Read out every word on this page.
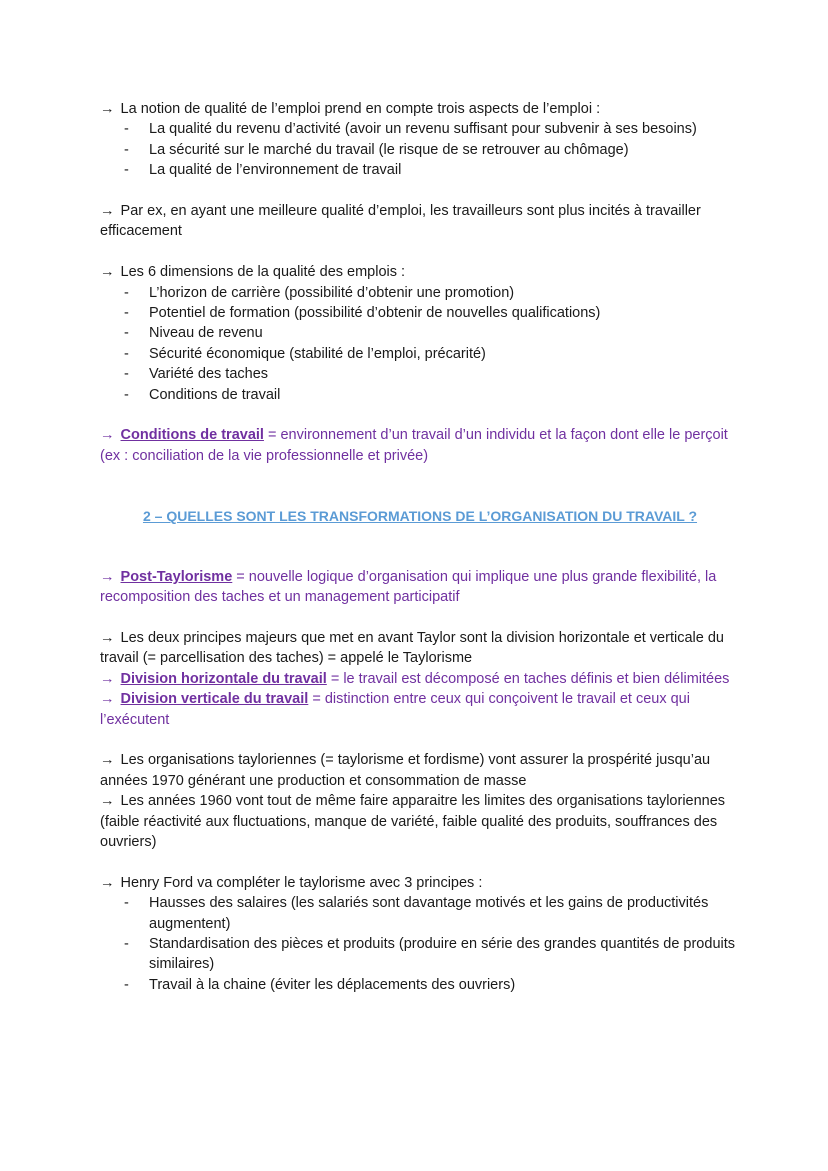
→ La notion de qualité de l’emploi prend en compte trois aspects de l’emploi :

- La qualité du revenu d’activité (avoir un revenu suffisant pour subvenir à ses besoins)
- La sécurité sur le marché du travail (le risque de se retrouver au chômage)
- La qualité de l’environnement de travail

→ Par ex, en ayant une meilleure qualité d’emploi, les travailleurs sont plus incités à travailler efficacement

→ Les 6 dimensions de la qualité des emplois :

- L’horizon de carrière (possibilité d’obtenir une promotion)
- Potentiel de formation (possibilité d’obtenir de nouvelles qualifications)
- Niveau de revenu
- Sécurité économique (stabilité de l’emploi, précarité)
- Variété des taches
- Conditions de travail

→ Conditions de travail = environnement d’un travail d’un individu et la façon dont elle le perçoit (ex : conciliation de la vie professionnelle et privée)

2 – QUELLES SONT LES TRANSFORMATIONS DE L’ORGANISATION DU TRAVAIL ?

→ Post-Taylorisme = nouvelle logique d’organisation qui implique une plus grande flexibilité, la recomposition des taches et un management participatif

→ Les deux principes majeurs que met en avant Taylor sont la division horizontale et verticale du travail (= parcellisation des taches) = appelé le Taylorisme

→ Division horizontale du travail = le travail est décomposé en taches définis et bien délimitées

→ Division verticale du travail = distinction entre ceux qui conçoivent le travail et ceux qui l’exécutent

→ Les organisations tayloriennes (= taylorisme et fordisme) vont assurer la prospérité jusqu’au années 1970 générant une production et consommation de masse

→ Les années 1960 vont tout de même faire apparaitre les limites des organisations tayloriennes (faible réactivité aux fluctuations, manque de variété, faible qualité des produits, souffrances des ouvriers)

→ Henry Ford va compléter le taylorisme avec 3 principes :

- Hausses des salaires (les salariés sont davantage motivés et les gains de productivités augmentent)
- Standardisation des pièces et produits (produire en série des grandes quantités de produits similaires)
- Travail à la chaine (éviter les déplacements des ouvriers)
